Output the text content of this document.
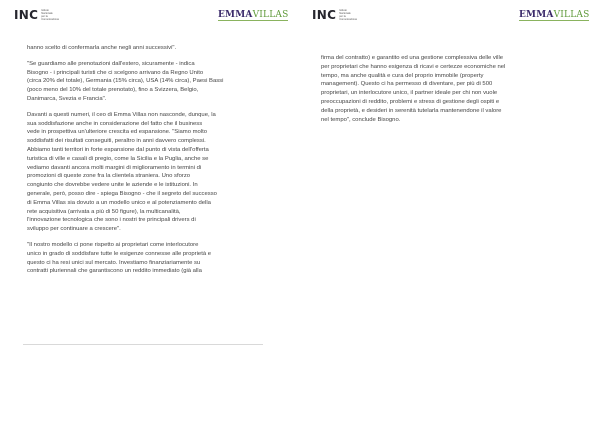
INC Istituto
Nazionale
per la
Comunicazione	EMMAVILLAS

hanno scelto di confermarla anche negli anni successivi".

"Se guardiamo alle prenotazioni dall'estero, sicuramente - indica
Bisogno - i principali turisti che ci scelgono arrivano da Regno Unito
(circa 20% del totale), Germania (15% circa), USA (14% circa), Paesi Bassi
(poco meno del 10% del totale prenotato), fino a Svizzera, Belgio,
Danimarca, Svezia e Francia".

Davanti a questi numeri, il ceo di Emma Villas non nasconde, dunque, la
sua soddisfazione anche in considerazione del fatto che il business
vede in prospettiva un'ulteriore crescita ed espansione. "Siamo molto
soddisfatti dei risultati conseguiti, peraltro in anni davvero complessi.
Abbiamo tanti territori in forte espansione dal punto di vista dell'offerta
turistica di ville e casali di pregio, come la Sicilia e la Puglia, anche se
vediamo davanti ancora molti margini di miglioramento in termini di
promozioni di queste zone fra la clientela straniera. Uno sforzo
congiunto che dovrebbe vedere unite le aziende e le istituzioni. In
generale, però, posso dire - spiega Bisogno - che il segreto del successo
di Emma Villas sia dovuto a un modello unico e al potenziamento della
rete acquisitiva (arrivata a più di 50 figure), la multicanalità,
l'innovazione tecnologica che sono i nostri tre principali drivers di
sviluppo per continuare a crescere".

"Il nostro modello ci pone rispetto ai proprietari come interlocutore
unico in grado di soddisfare tutte le esigenze connesse alle proprietà e
questo ci ha resi unici sul mercato. Investiamo finanziariamente su
contratti pluriennali che garantiscono un reddito immediato (già alla

INC Istituto
Nazionale
per la
Comunicazione	EMMAVILLAS

firma del contratto) e garantito ed una gestione complessiva delle ville
per proprietari che hanno esigenza di ricavi e certezze economiche nel
tempo, ma anche qualità e cura del proprio immobile (property
management). Questo ci ha permesso di diventare, per più di 500
proprietari, un interlocutore unico, il partner ideale per chi non vuole
preoccupazioni di reddito, problemi e stress di gestione degli ospiti e
della proprietà, e desideri in serenità tutelarla mantenendone il valore
nel tempo", conclude Bisogno.
